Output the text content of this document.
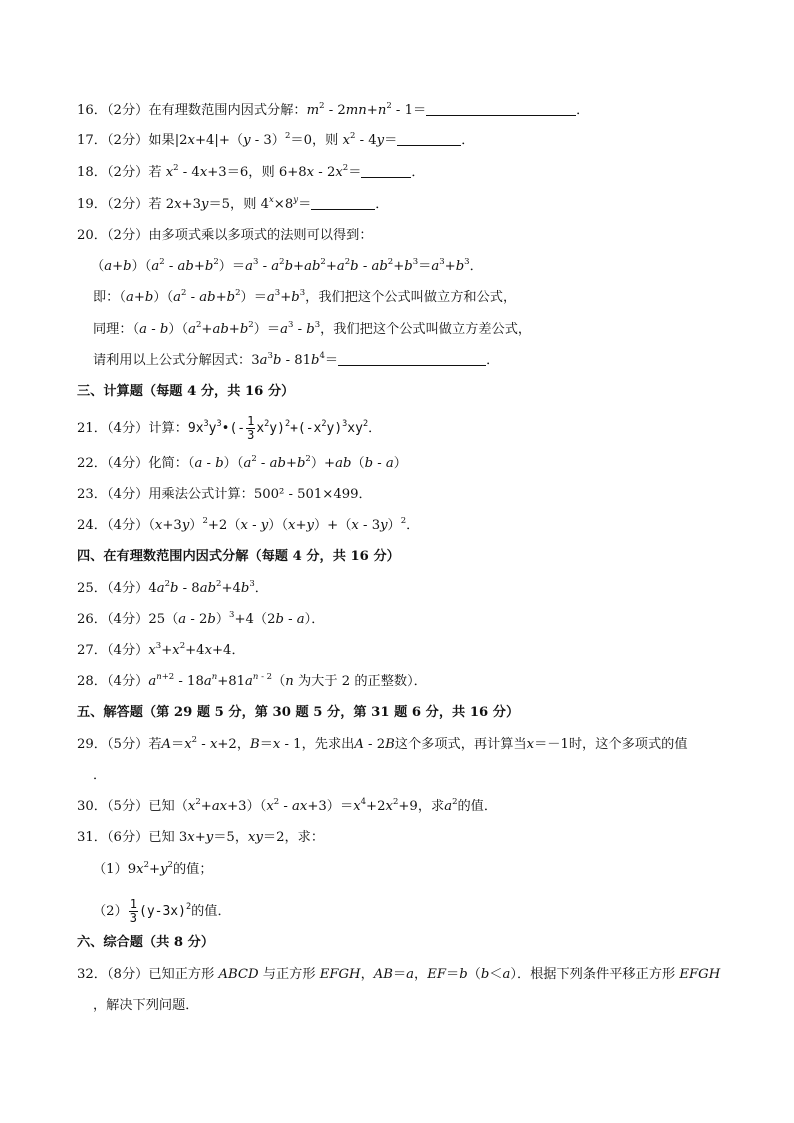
16．（2分）在有理数范围内因式分解：$m^2 - 2mn+n^2 - 1=$	．
17．（2分）如果|2x+4|+（y - 3）$^2$＝0，则 $x^2 - 4y=$	．
18．（2分）若 $x^2 - 4x+3=6$，则 $6+8x - 2x^2=$	．
19．（2分）若 2x+3y＝5，则 $4^x\times 8^y=$	．
20．（2分）由多项式乘以多项式的法则可以得到：
$(a+b)(a^2 - ab+b^2)=a^3 - a^2b+ab^2+a^2b - ab^2+b^3=a^3+b^3$．
即：$(a+b)(a^2 - ab+b^2)=a^3+b^3$，我们把这个公式叫做立方和公式，
同理：$(a - b)(a^2+ab+b^2)=a^3 - b^3$，我们把这个公式叫做立方差公式，
请利用以上公式分解因式：$3a^3b - 81b^4=$	．
三、计算题（每题 4 分，共 16 分）
21．（4分）计算：$9x^3y^3•(- \frac{1}{3} x^2y)^2+(-x^2y)^3xy^2$．
22．（4分）化简：$(a - b)(a^2 - ab+b^2)+ab(b - a)$
23．（4分）用乘法公式计算：500² - 501×499．
24．（4分）$(x+3y)^2+2(x - y)(x+y)+(x - 3y)^2$．
四、在有理数范围内因式分解（每题 4 分，共 16 分）
25．（4分）$4a^2b - 8ab^2+4b^3$．
26．（4分）25（a - 2b）$^3$+4（2b - a）．
27．（4分）$x^3+x^2+4x+4$．
28．（4分）$a^{n+2} - 18a^n+81a^{n - 2}(n$ 为大于 2 的正整数）．
五、解答题（第 29 题 5 分，第 30 题 5 分，第 31 题 6 分，共 16 分）
29．（5分）若$A=x^2 - x+2$，B＝x - 1，先求出A - 2B这个多项式，再计算当x＝－1时，这个多项式的值
．
30．（5分）已知$(x^2+ax+3)(x^2 - ax+3)=x^4+2x^2+9$，求$a^2$的值．
31．（6分）已知 3x+y＝5，xy＝2，求：
$(1)9x^2+y^2$的值；
$(2) \frac{1}{3} (y-3x)^2$的值．
六、综合题（共 8 分）
32．（8分）已知正方形 ABCD 与正方形 EFGH，AB＝a，EF＝b（b＜a）．根据下列条件平移正方形 EFGH
，解决下列问题．
